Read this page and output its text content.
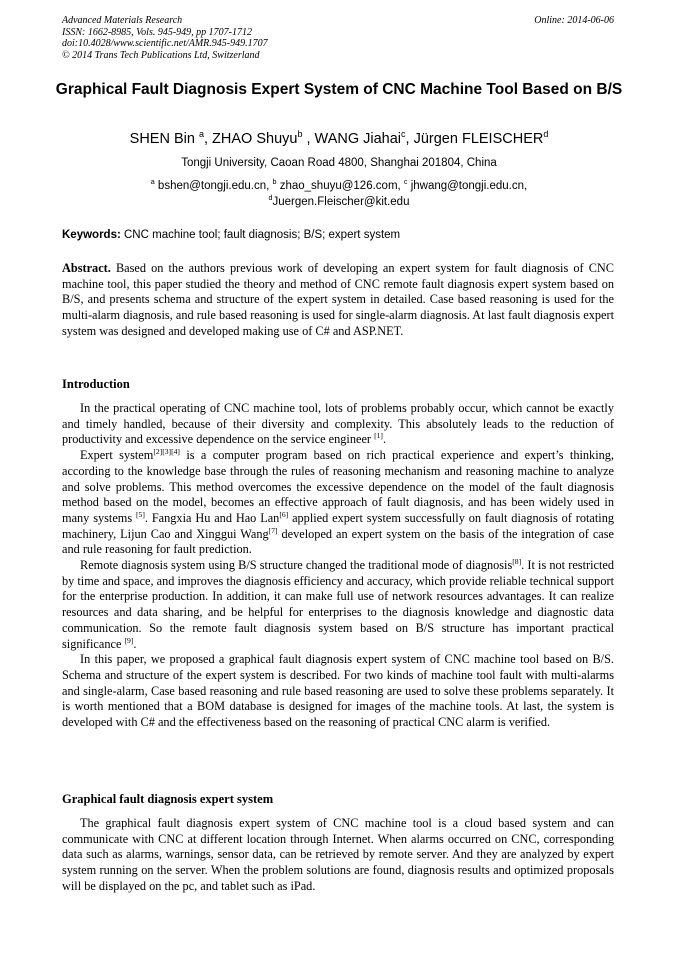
Advanced Materials Research
ISSN: 1662-8985, Vols. 945-949, pp 1707-1712
doi:10.4028/www.scientific.net/AMR.945-949.1707
© 2014 Trans Tech Publications Ltd, Switzerland
Online: 2014-06-06
Graphical Fault Diagnosis Expert System of CNC Machine Tool Based on B/S
SHEN Bin $^a$, ZHAO Shuyu$^b$ , WANG Jiahai$^c$, Jürgen FLEISCHER$^d$
Tongji University, Caoan Road 4800, Shanghai 201804, China
$^a$ bshen@tongji.edu.cn, $^b$ zhao_shuyu@126.com, $^c$ jhwang@tongji.edu.cn,
$^d$Juergen.Fleischer@kit.edu
Keywords: CNC machine tool; fault diagnosis; B/S; expert system

Abstract. Based on the authors previous work of developing an expert system for fault diagnosis of CNC machine tool, this paper studied the theory and method of CNC remote fault diagnosis expert system based on B/S, and presents schema and structure of the expert system in detailed. Case based reasoning is used for the multi-alarm diagnosis, and rule based reasoning is used for single-alarm diagnosis. At last fault diagnosis expert system was designed and developed making use of C# and ASP.NET.

Introduction

In the practical operating of CNC machine tool, lots of problems probably occur, which cannot be exactly and timely handled, because of their diversity and complexity. This absolutely leads to the reduction of productivity and excessive dependence on the service engineer [1].

Expert system[2][3][4] is a computer program based on rich practical experience and expert’s thinking, according to the knowledge base through the rules of reasoning mechanism and reasoning machine to analyze and solve problems. This method overcomes the excessive dependence on the model of the fault diagnosis method based on the model, becomes an effective approach of fault diagnosis, and has been widely used in many systems [5]. Fangxia Hu and Hao Lan[6] applied expert system successfully on fault diagnosis of rotating machinery, Lijun Cao and Xinggui Wang[7] developed an expert system on the basis of the integration of case and rule reasoning for fault prediction.

Remote diagnosis system using B/S structure changed the traditional mode of diagnosis[8]. It is not restricted by time and space, and improves the diagnosis efficiency and accuracy, which provide reliable technical support for the enterprise production. In addition, it can make full use of network resources advantages. It can realize resources and data sharing, and be helpful for enterprises to the diagnosis knowledge and diagnostic data communication. So the remote fault diagnosis system based on B/S structure has important practical significance [9].

In this paper, we proposed a graphical fault diagnosis expert system of CNC machine tool based on B/S. Schema and structure of the expert system is described. For two kinds of machine tool fault with multi-alarms and single-alarm, Case based reasoning and rule based reasoning are used to solve these problems separately. It is worth mentioned that a BOM database is designed for images of the machine tools. At last, the system is developed with C# and the effectiveness based on the reasoning of practical CNC alarm is verified.

Graphical fault diagnosis expert system

The graphical fault diagnosis expert system of CNC machine tool is a cloud based system and can communicate with CNC at different location through Internet. When alarms occurred on CNC, corresponding data such as alarms, warnings, sensor data, can be retrieved by remote server. And they are analyzed by expert system running on the server. When the problem solutions are found, diagnosis results and optimized proposals will be displayed on the pc, and tablet such as iPad.
